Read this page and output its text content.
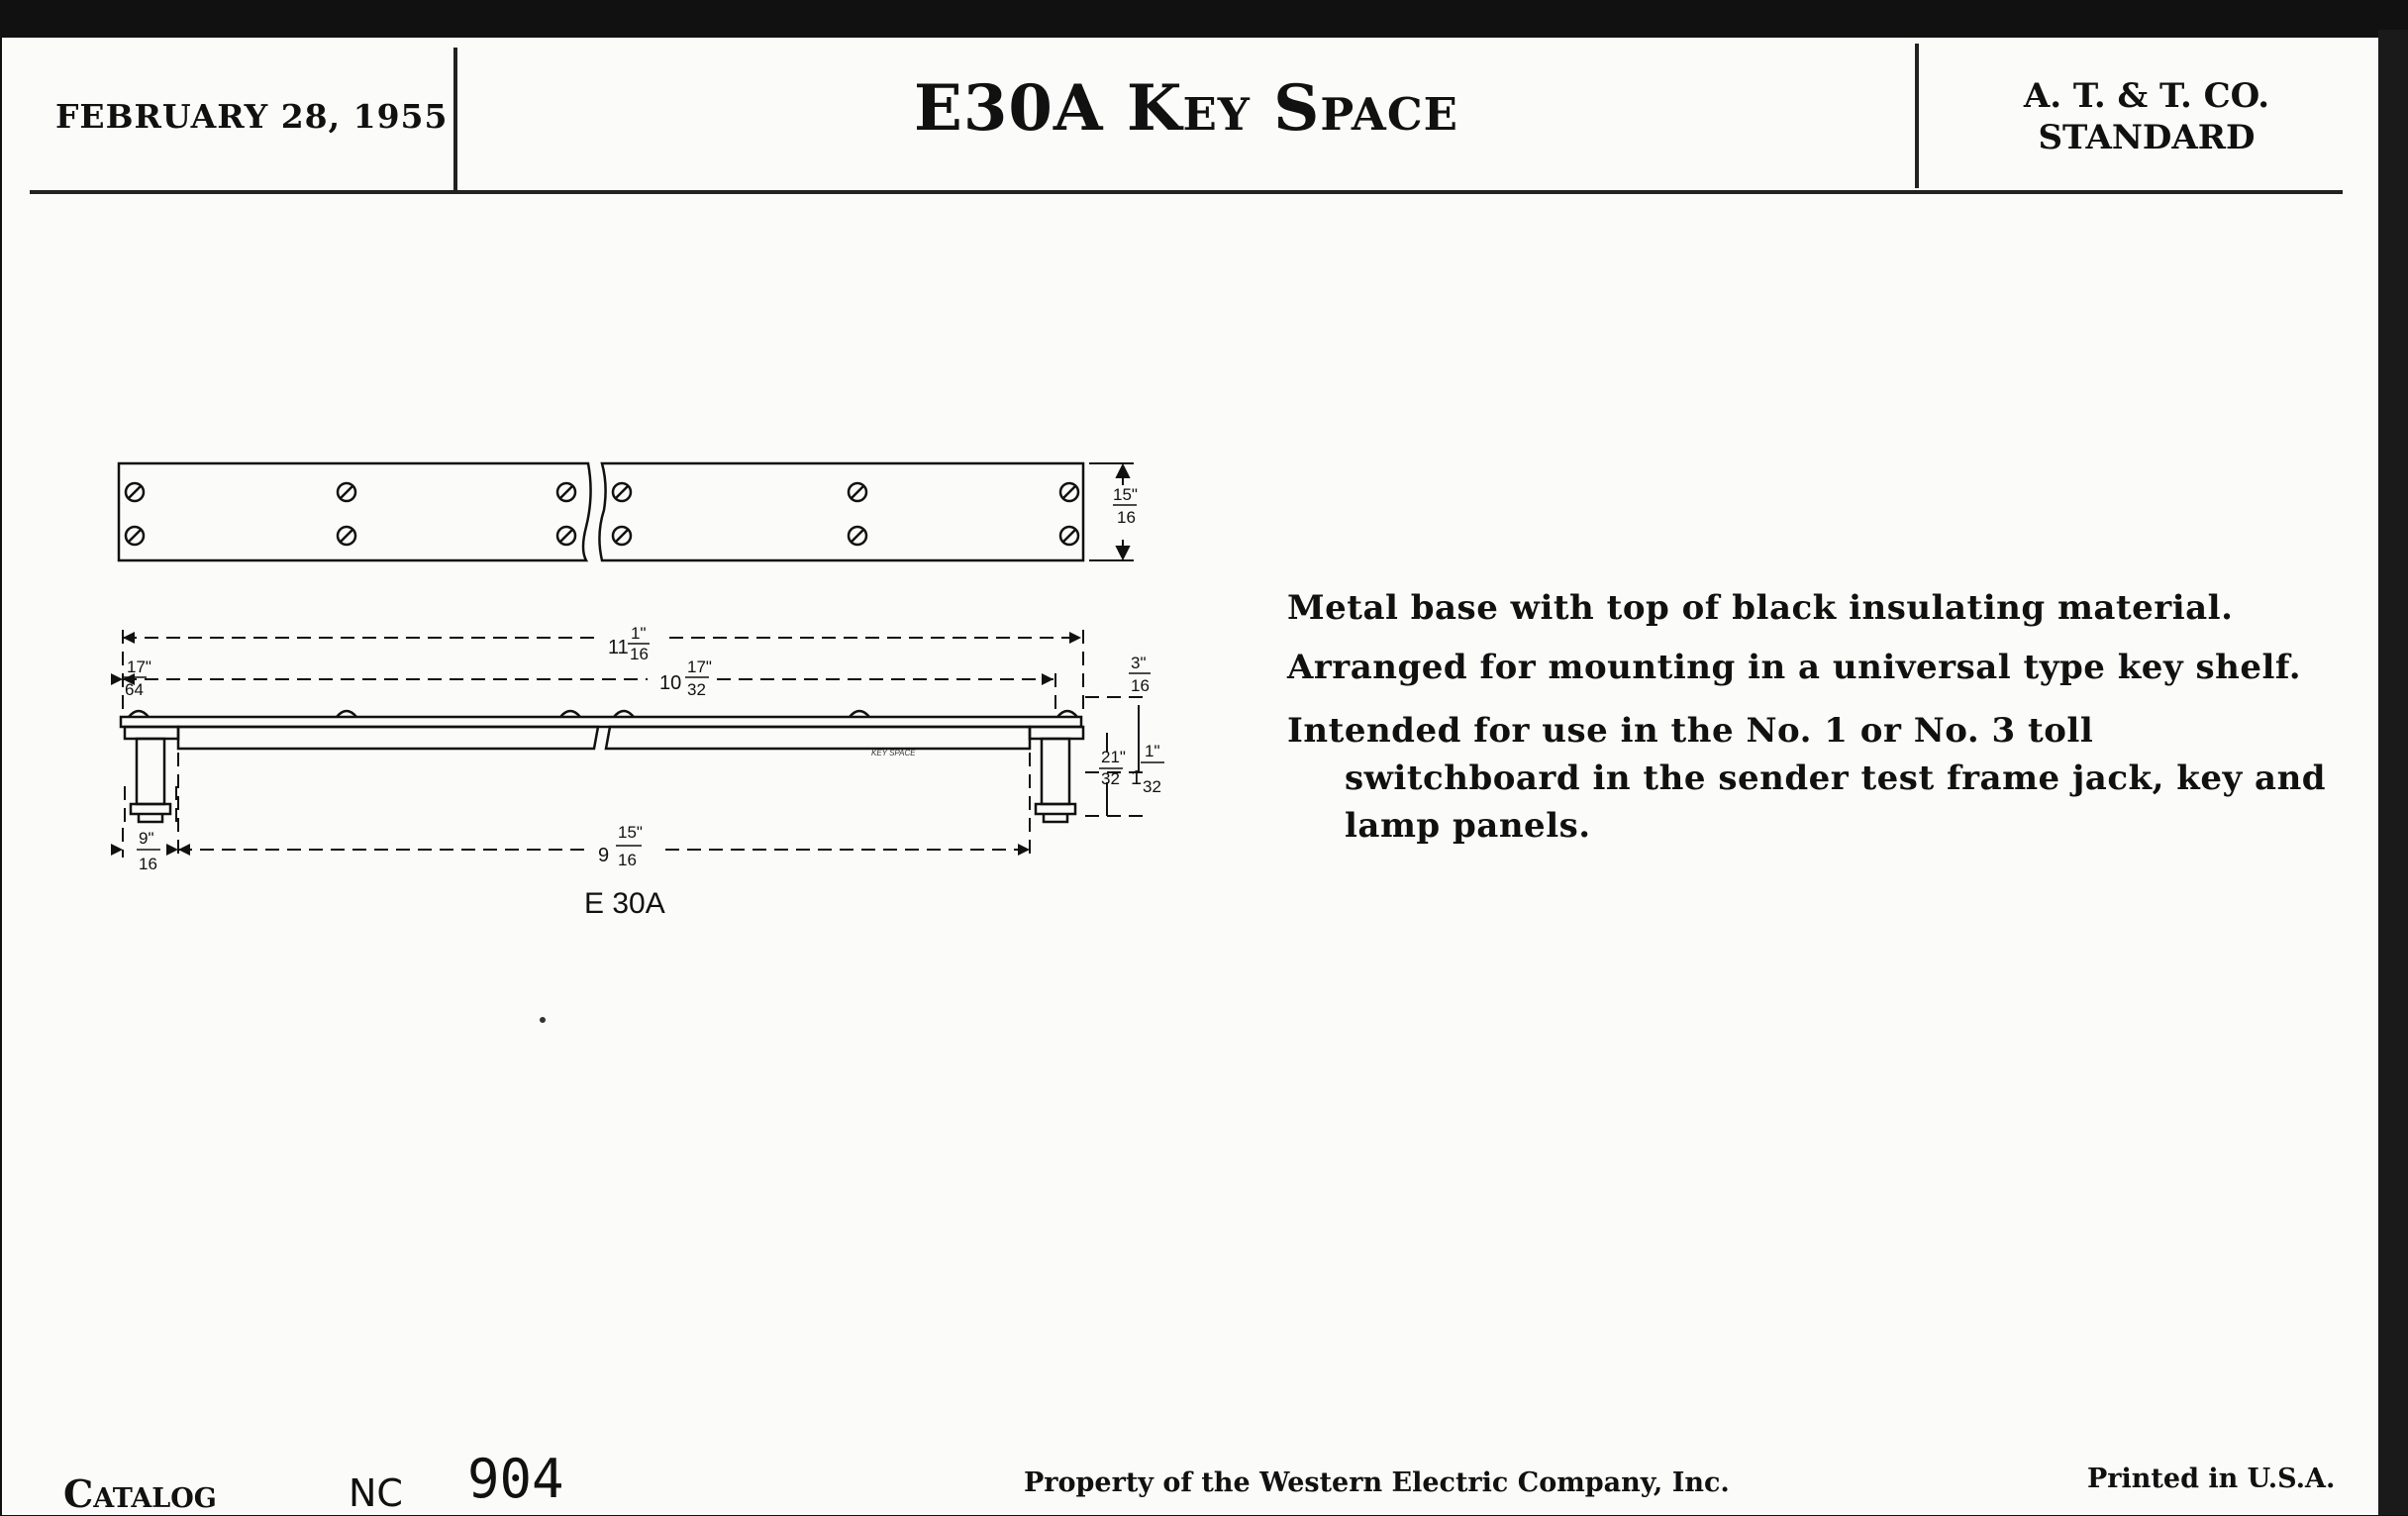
FEBRUARY 28, 1955	E30A Key Space	A. T. & T. CO.
STANDARD
15"
16
KEY SPACE
11
1"
16
10
17"
32
17"
64
3"
16
21"
32 1
1"
32
9"
16	9
15"
16
E 30A

Metal base with top of black insulating material.

Arranged for mounting in a universal type key shelf.

Intended for use in the No. 1 or No. 3 toll switchboard in the sender test frame jack, key and lamp panels.

Catalog	NC 904	Property of the Western Electric Company, Inc.	Printed in U.S.A.
